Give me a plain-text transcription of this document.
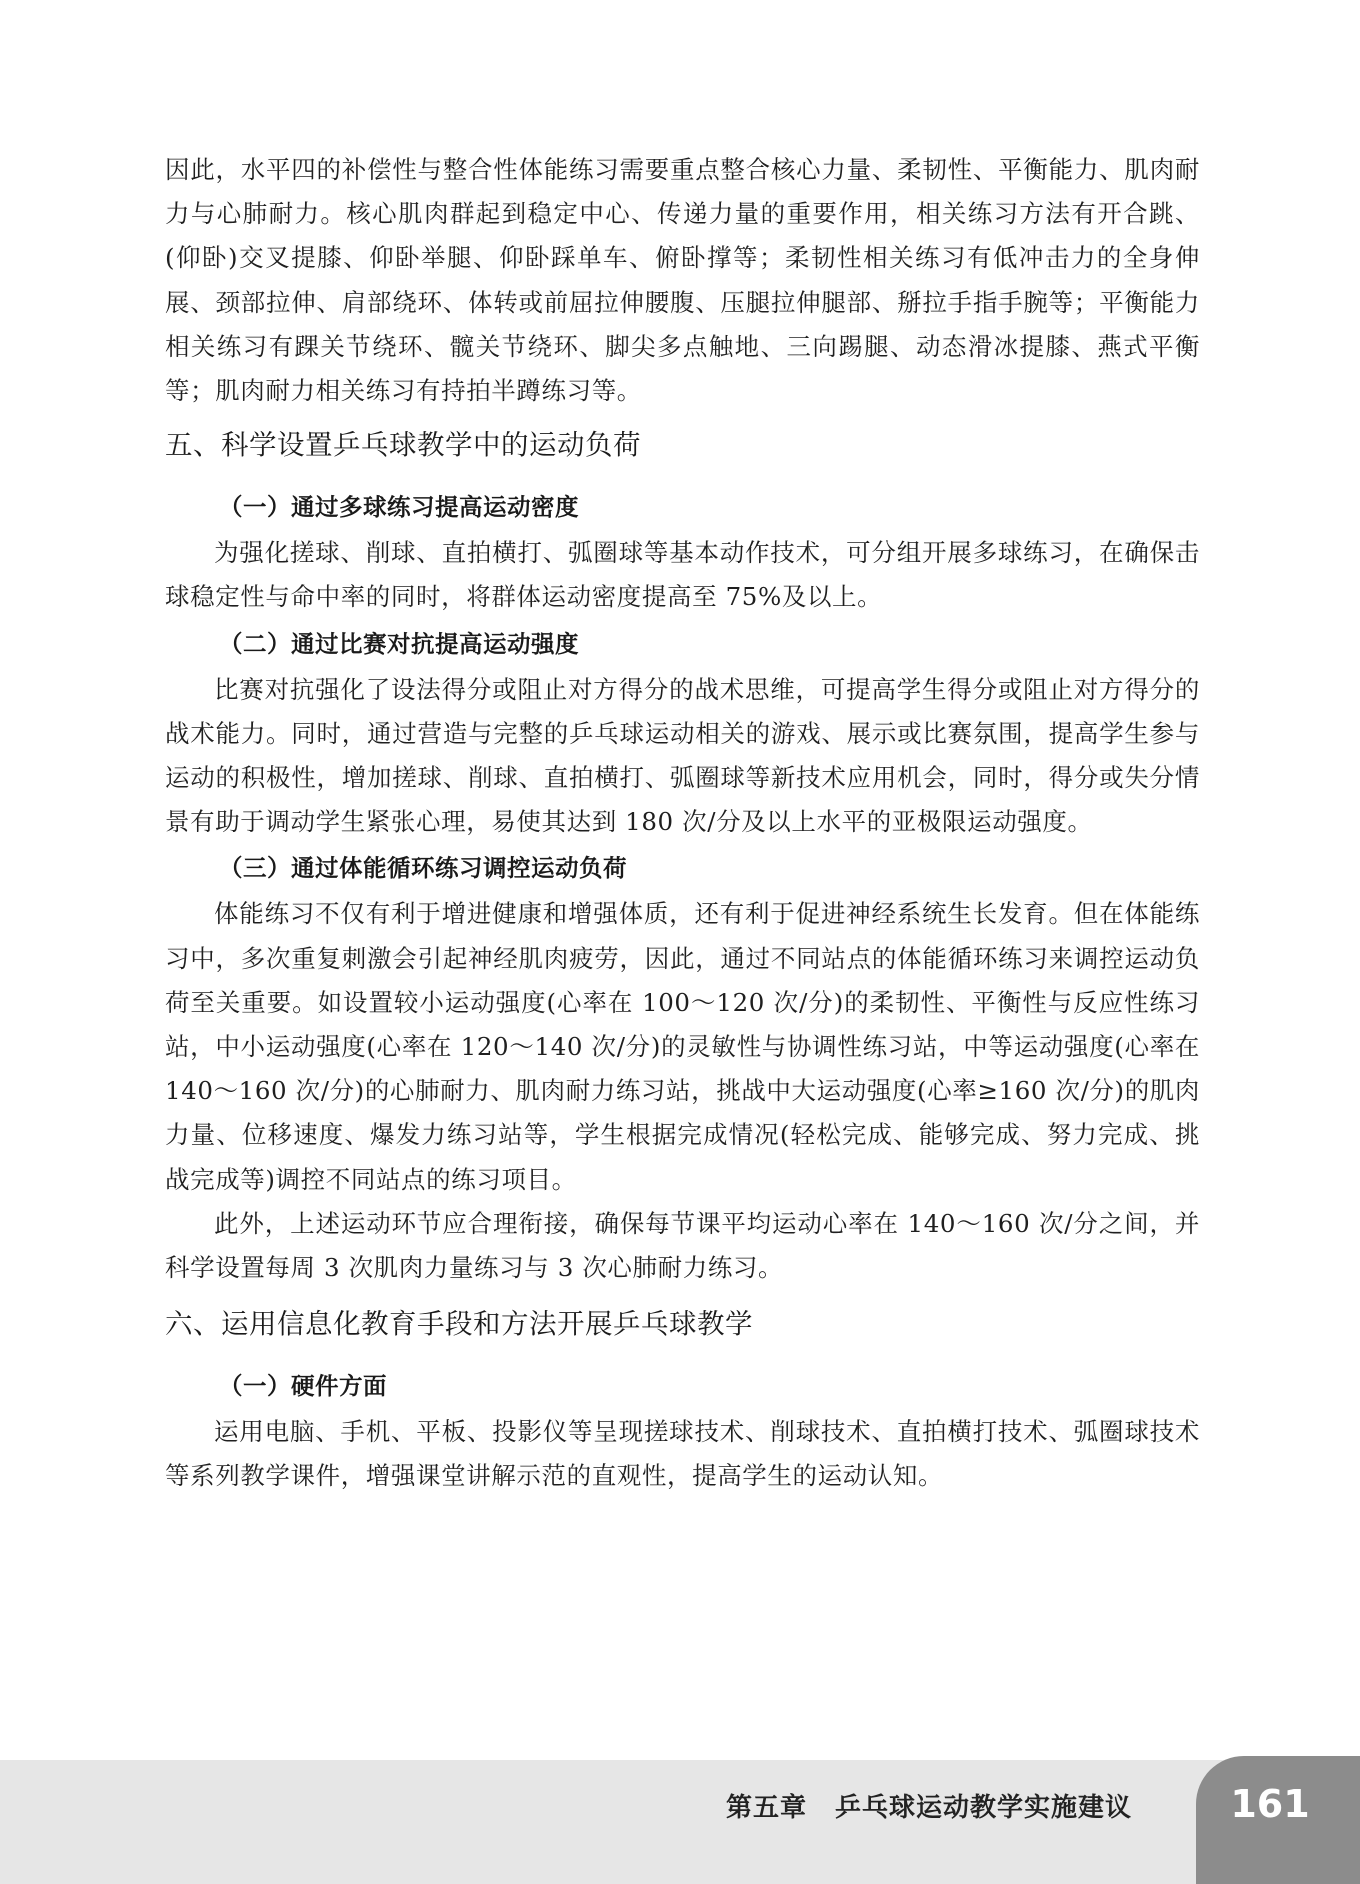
因此，水平四的补偿性与整合性体能练习需要重点整合核心力量、柔韧性、平衡能力、肌肉耐力与心肺耐力。核心肌肉群起到稳定中心、传递力量的重要作用，相关练习方法有开合跳、(仰卧)交叉提膝、仰卧举腿、仰卧踩单车、俯卧撑等；柔韧性相关练习有低冲击力的全身伸展、颈部拉伸、肩部绕环、体转或前屈拉伸腰腹、压腿拉伸腿部、掰拉手指手腕等；平衡能力相关练习有踝关节绕环、髋关节绕环、脚尖多点触地、三向踢腿、动态滑冰提膝、燕式平衡等；肌肉耐力相关练习有持拍半蹲练习等。

五、科学设置乒乓球教学中的运动负荷
（一）通过多球练习提高运动密度

为强化搓球、削球、直拍横打、弧圈球等基本动作技术，可分组开展多球练习，在确保击球稳定性与命中率的同时，将群体运动密度提高至 75%及以上。

（二）通过比赛对抗提高运动强度

比赛对抗强化了设法得分或阻止对方得分的战术思维，可提高学生得分或阻止对方得分的战术能力。同时，通过营造与完整的乒乓球运动相关的游戏、展示或比赛氛围，提高学生参与运动的积极性，增加搓球、削球、直拍横打、弧圈球等新技术应用机会，同时，得分或失分情景有助于调动学生紧张心理，易使其达到 180 次/分及以上水平的亚极限运动强度。

（三）通过体能循环练习调控运动负荷

体能练习不仅有利于增进健康和增强体质，还有利于促进神经系统生长发育。但在体能练习中，多次重复刺激会引起神经肌肉疲劳，因此，通过不同站点的体能循环练习来调控运动负荷至关重要。如设置较小运动强度(心率在 100～120 次/分)的柔韧性、平衡性与反应性练习站，中小运动强度(心率在 120～140 次/分)的灵敏性与协调性练习站，中等运动强度(心率在 140～160 次/分)的心肺耐力、肌肉耐力练习站，挑战中大运动强度(心率≥160 次/分)的肌肉力量、位移速度、爆发力练习站等，学生根据完成情况(轻松完成、能够完成、努力完成、挑战完成等)调控不同站点的练习项目。

此外，上述运动环节应合理衔接，确保每节课平均运动心率在 140～160 次/分之间，并科学设置每周 3 次肌肉力量练习与 3 次心肺耐力练习。

六、运用信息化教育手段和方法开展乒乓球教学
（一）硬件方面

运用电脑、手机、平板、投影仪等呈现搓球技术、削球技术、直拍横打技术、弧圈球技术等系列教学课件，增强课堂讲解示范的直观性，提高学生的运动认知。

第五章 乒乓球运动教学实施建议	161
